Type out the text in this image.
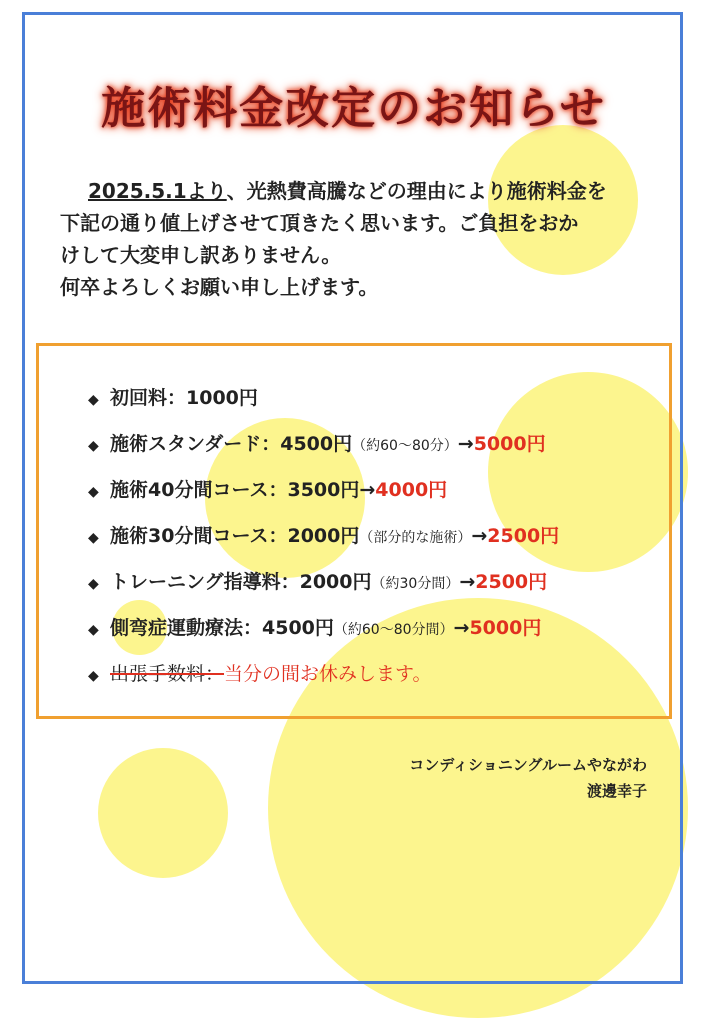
施術料金改定のお知らせ
2025.5.1より、光熱費高騰などの理由により施術料金を
下記の通り値上げさせて頂きたく思います。ご負担をおか
けして大変申し訳ありません。
何卒よろしくお願い申し上げます。
◆ 初回料：1000円
◆ 施術スタンダード：4500円（約60～80分）→5000円
◆ 施術40分間コース：3500円→4000円
◆ 施術30分間コース：2000円（部分的な施術）→2500円
◆ トレーニング指導料：2000円（約30分間）→2500円
◆ 側弯症運動療法：4500円（約60～80分間）→5000円
◆ 出張手数料：当分の間お休みします。
コンディショニングルームやながわ
渡邊幸子
